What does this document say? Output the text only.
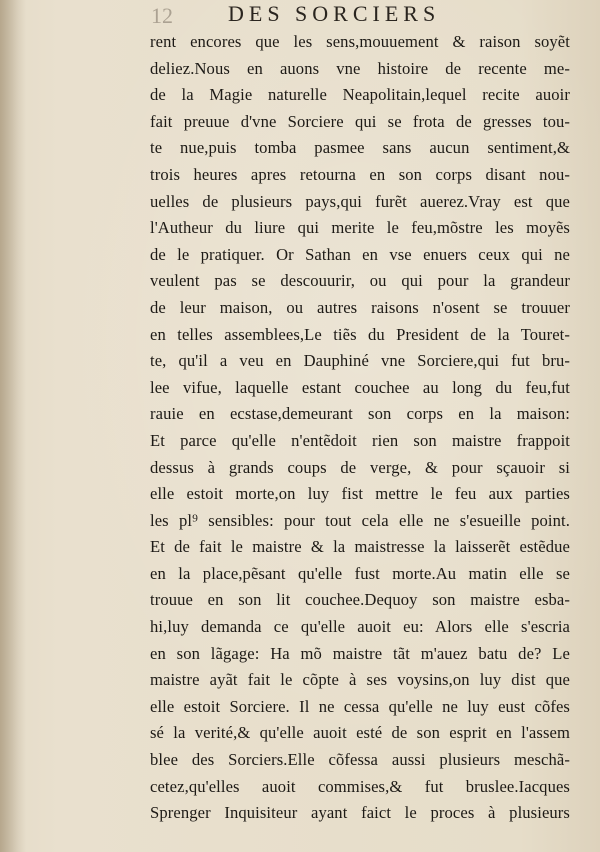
12	DES SORCIERS
rent encores que les sens,mouuement & raison soyẽt
deliez.Nous en auons vne histoire de recente me-
de la Magie naturelle Neapolitain,lequel recite auoir
fait preuue d'vne Sorciere qui se frota de gresses tou-
te nue,puis tomba pasmee sans aucun sentiment,&
trois heures apres retourna en son corps disant nou-
uelles de plusieurs pays,qui furẽt auerez.Vray est que
l'Autheur du liure qui merite le feu,mõstre les moyẽs
de le pratiquer. Or Sathan en vse enuers ceux qui ne
veulent pas se descouurir, ou qui pour la grandeur
de leur maison, ou autres raisons n'osent se trouuer
en telles assemblees,Le tiẽs du President de la Touret-
te, qu'il a veu en Dauphiné vne Sorciere,qui fut bru-
lee vifue, laquelle estant couchee au long du feu,fut
rauie en ecstase,demeurant son corps en la maison:
Et parce qu'elle n'entẽdoit rien son maistre frappoit
dessus à grands coups de verge, & pour sçauoir si
elle estoit morte,on luy fist mettre le feu aux parties
les pl⁹ sensibles: pour tout cela elle ne s'esueille point.
Et de fait le maistre & la maistresse la laisserẽt estẽdue
en la place,pẽsant qu'elle fust morte.Au matin elle se
trouue en son lit couchee.Dequoy son maistre esba-
hi,luy demanda ce qu'elle auoit eu: Alors elle s'escria
en son lãgage: Ha mõ maistre tãt m'auez batu de? Le
maistre ayãt fait le cõpte à ses voysins,on luy dist que
elle estoit Sorciere. Il ne cessa qu'elle ne luy eust cõfes
sé la verité,& qu'elle auoit esté de son esprit en l'assem
blee des Sorciers.Elle cõfessa aussi plusieurs meschã-
cetez,qu'elles auoit commises,& fut bruslee.Iacques
Sprenger Inquisiteur ayant faict le proces à plusieurs
